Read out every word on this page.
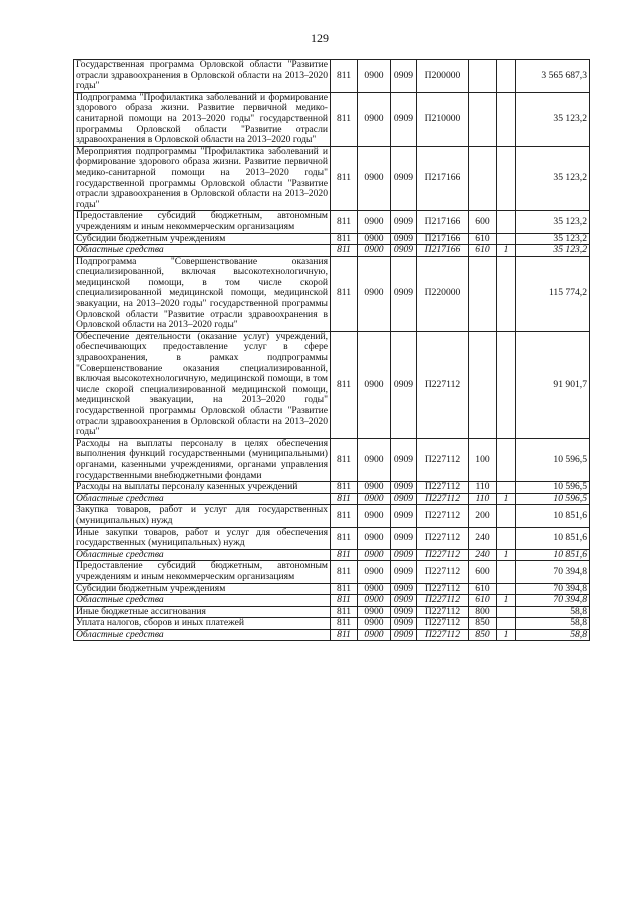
129
Государственная программа Орловской области "Развитие отрасли здравоохранения в Орловской области на 2013–2020 годы"	811	0900	0909	П200000			3 565 687,3
Подпрограмма "Профилактика заболеваний и формирование здорового образа жизни. Развитие первичной медико-санитарной помощи на 2013–2020 годы" государственной программы Орловской области "Развитие отрасли здравоохранения в Орловской области на 2013–2020 годы"	811	0900	0909	П210000			35 123,2
Мероприятия подпрограммы "Профилактика заболеваний и формирование здорового образа жизни. Развитие первичной медико-санитарной помощи на 2013–2020 годы" государственной программы Орловской области "Развитие отрасли здравоохранения в Орловской области на 2013–2020 годы"	811	0900	0909	П217166			35 123,2
Предоставление субсидий бюджетным, автономным учреждениям и иным некоммерческим организациям	811	0900	0909	П217166	600		35 123,2
Субсидии бюджетным учреждениям	811	0900	0909	П217166	610		35 123,2
Областные средства	811	0900	0909	П217166	610	1	35 123,2
Подпрограмма "Совершенствование оказания специализированной, включая высокотехнологичную, медицинской помощи, в том числе скорой специализированной медицинской помощи, медицинской эвакуации, на 2013–2020 годы" государственной программы Орловской области "Развитие отрасли здравоохранения в Орловской области на 2013–2020 годы"	811	0900	0909	П220000			115 774,2
Обеспечение деятельности (оказание услуг) учреждений, обеспечивающих предоставление услуг в сфере здравоохранения, в рамках подпрограммы "Совершенствование оказания специализированной, включая высокотехнологичную, медицинской помощи, в том числе скорой специализированной медицинской помощи, медицинской эвакуации, на 2013–2020 годы" государственной программы Орловской области "Развитие отрасли здравоохранения в Орловской области на 2013–2020 годы"	811	0900	0909	П227112			91 901,7
Расходы на выплаты персоналу в целях обеспечения выполнения функций государственными (муниципальными) органами, казенными учреждениями, органами управления государственными внебюджетными фондами	811	0900	0909	П227112	100		10 596,5
Расходы на выплаты персоналу казенных учреждений	811	0900	0909	П227112	110		10 596,5
Областные средства	811	0900	0909	П227112	110	1	10 596,5
Закупка товаров, работ и услуг для государственных (муниципальных) нужд	811	0900	0909	П227112	200		10 851,6
Иные закупки товаров, работ и услуг для обеспечения государственных (муниципальных) нужд	811	0900	0909	П227112	240		10 851,6
Областные средства	811	0900	0909	П227112	240	1	10 851,6
Предоставление субсидий бюджетным, автономным учреждениям и иным некоммерческим организациям	811	0900	0909	П227112	600		70 394,8
Субсидии бюджетным учреждениям	811	0900	0909	П227112	610		70 394,8
Областные средства	811	0900	0909	П227112	610	1	70 394,8
Иные бюджетные ассигнования	811	0900	0909	П227112	800		58,8
Уплата налогов, сборов и иных платежей	811	0900	0909	П227112	850		58,8
Областные средства	811	0900	0909	П227112	850	1	58,8
